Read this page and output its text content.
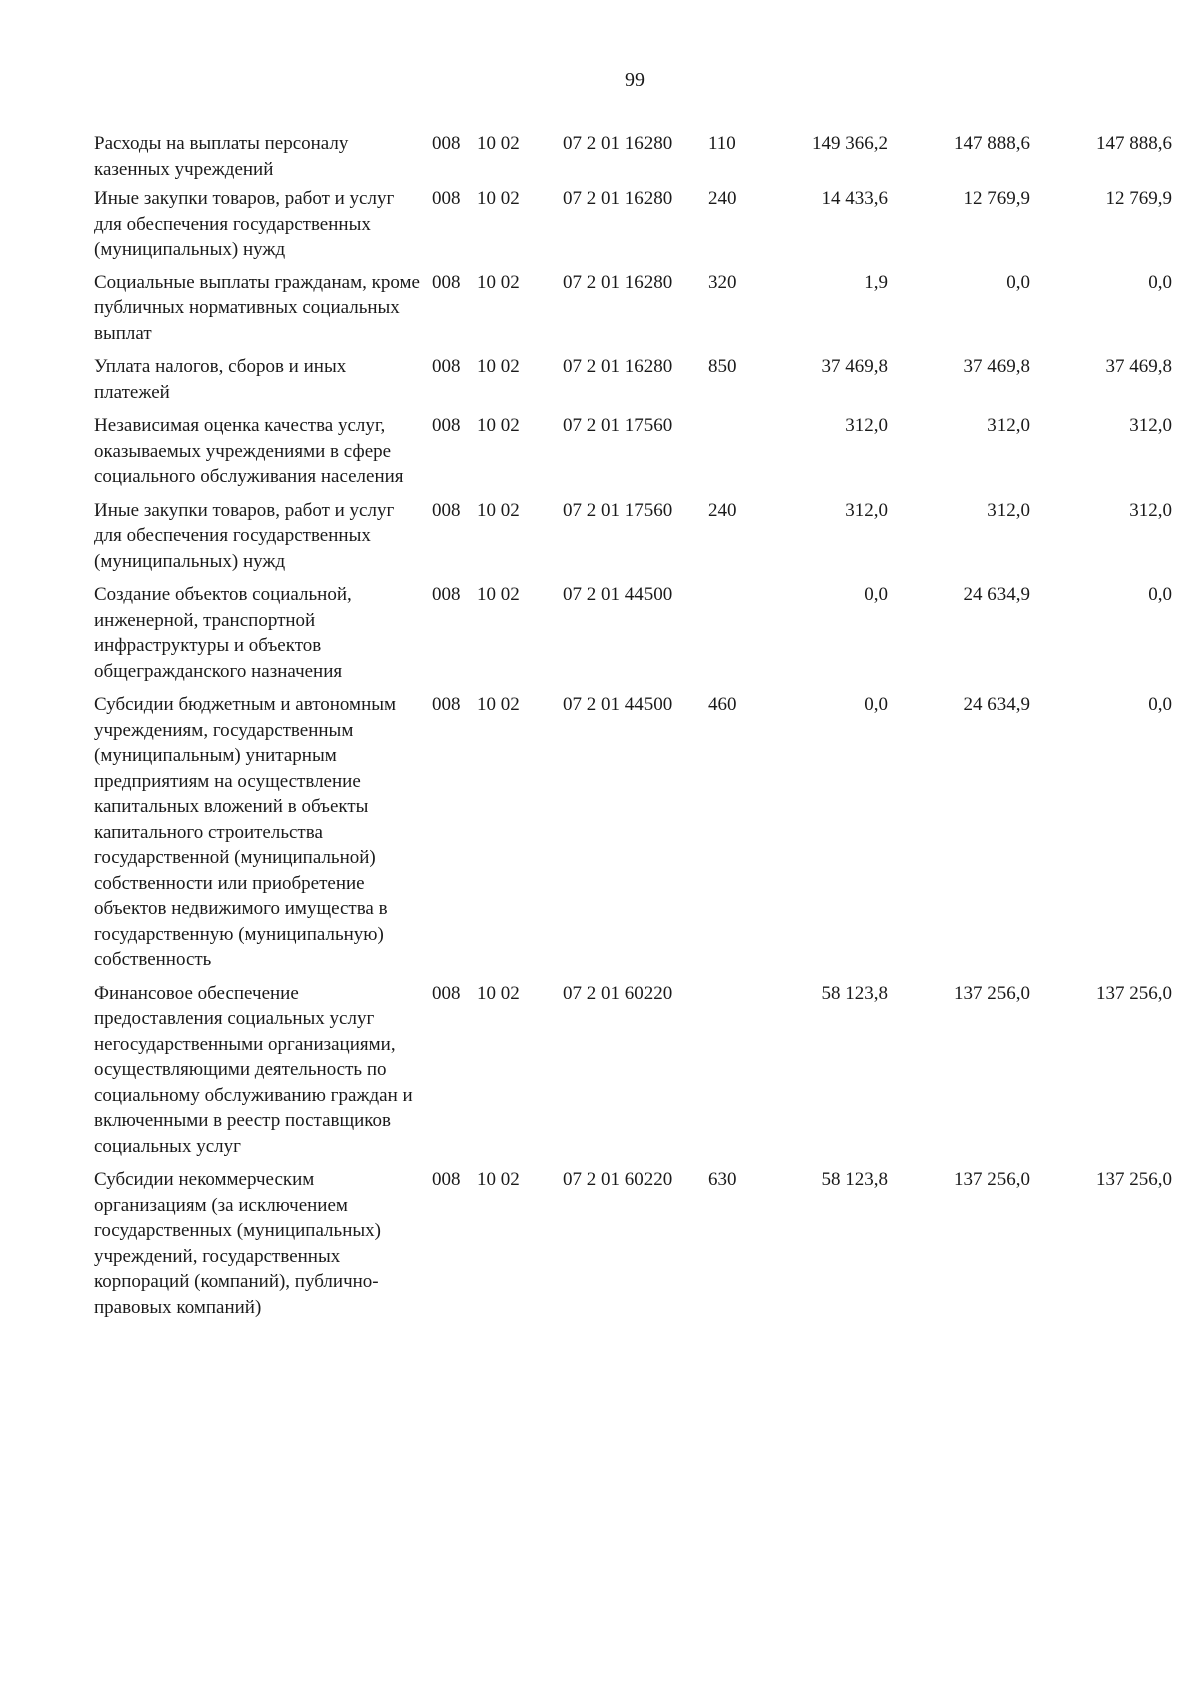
99
Расходы на выплаты персоналу казенных учреждений
008 10 02 07 2 01 16280 110	149 366,2	147 888,6	147 888,6
Иные закупки товаров, работ и услуг для обеспечения государственных (муниципальных) нужд
008 10 02 07 2 01 16280 240	14 433,6	12 769,9	12 769,9
Социальные выплаты гражданам, кроме публичных нормативных социальных выплат
008 10 02 07 2 01 16280 320	1,9	0,0	0,0
Уплата налогов, сборов и иных платежей
008 10 02 07 2 01 16280 850	37 469,8	37 469,8	37 469,8
Независимая оценка качества услуг, оказываемых учреждениями в сфере социального обслуживания населения
008 10 02 07 2 01 17560	312,0	312,0	312,0
Иные закупки товаров, работ и услуг для обеспечения государственных (муниципальных) нужд
008 10 02 07 2 01 17560 240	312,0	312,0	312,0
Создание объектов социальной, инженерной, транспортной инфраструктуры и объектов общегражданского назначения
008 10 02 07 2 01 44500	0,0	24 634,9	0,0
Субсидии бюджетным и автономным учреждениям, государственным (муниципальным) унитарным предприятиям на осуществление капитальных вложений в объекты капитального строительства государственной (муниципальной) собственности или приобретение объектов недвижимого имущества в государственную (муниципальную) собственность
008 10 02 07 2 01 44500 460	0,0	24 634,9	0,0
Финансовое обеспечение предоставления социальных услуг негосударственными организациями, осуществляющими деятельность по социальному обслуживанию граждан и включенными в реестр поставщиков социальных услуг
008 10 02 07 2 01 60220	58 123,8	137 256,0	137 256,0
Субсидии некоммерческим организациям (за исключением государственных (муниципальных) учреждений, государственных корпораций (компаний), публично-правовых компаний)
008 10 02 07 2 01 60220 630	58 123,8	137 256,0	137 256,0
